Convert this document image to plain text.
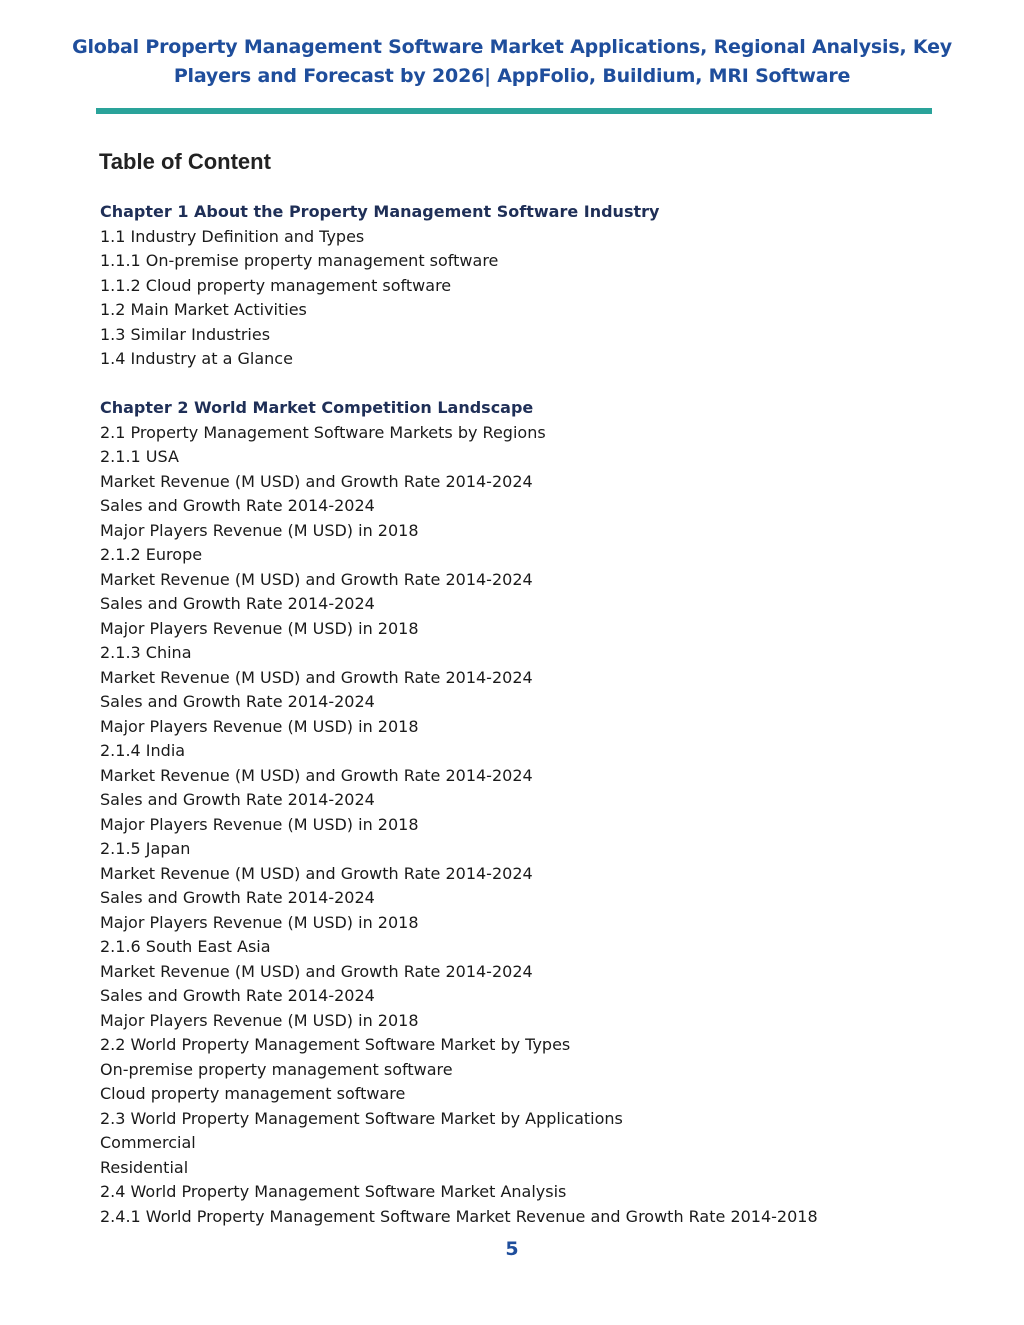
Global Property Management Software Market Applications, Regional Analysis, Key
Players and Forecast by 2026| AppFolio, Buildium, MRI Software
Table of Content
Chapter 1 About the Property Management Software Industry
1.1 Industry Definition and Types
1.1.1 On-premise property management software
1.1.2 Cloud property management software
1.2 Main Market Activities
1.3 Similar Industries
1.4 Industry at a Glance
Chapter 2 World Market Competition Landscape
2.1 Property Management Software Markets by Regions
2.1.1 USA
Market Revenue (M USD) and Growth Rate 2014-2024
Sales and Growth Rate 2014-2024
Major Players Revenue (M USD) in 2018
2.1.2 Europe
Market Revenue (M USD) and Growth Rate 2014-2024
Sales and Growth Rate 2014-2024
Major Players Revenue (M USD) in 2018
2.1.3 China
Market Revenue (M USD) and Growth Rate 2014-2024
Sales and Growth Rate 2014-2024
Major Players Revenue (M USD) in 2018
2.1.4 India
Market Revenue (M USD) and Growth Rate 2014-2024
Sales and Growth Rate 2014-2024
Major Players Revenue (M USD) in 2018
2.1.5 Japan
Market Revenue (M USD) and Growth Rate 2014-2024
Sales and Growth Rate 2014-2024
Major Players Revenue (M USD) in 2018
2.1.6 South East Asia
Market Revenue (M USD) and Growth Rate 2014-2024
Sales and Growth Rate 2014-2024
Major Players Revenue (M USD) in 2018
2.2 World Property Management Software Market by Types
On-premise property management software
Cloud property management software
2.3 World Property Management Software Market by Applications
Commercial
Residential
2.4 World Property Management Software Market Analysis
2.4.1 World Property Management Software Market Revenue and Growth Rate 2014-2018
5
